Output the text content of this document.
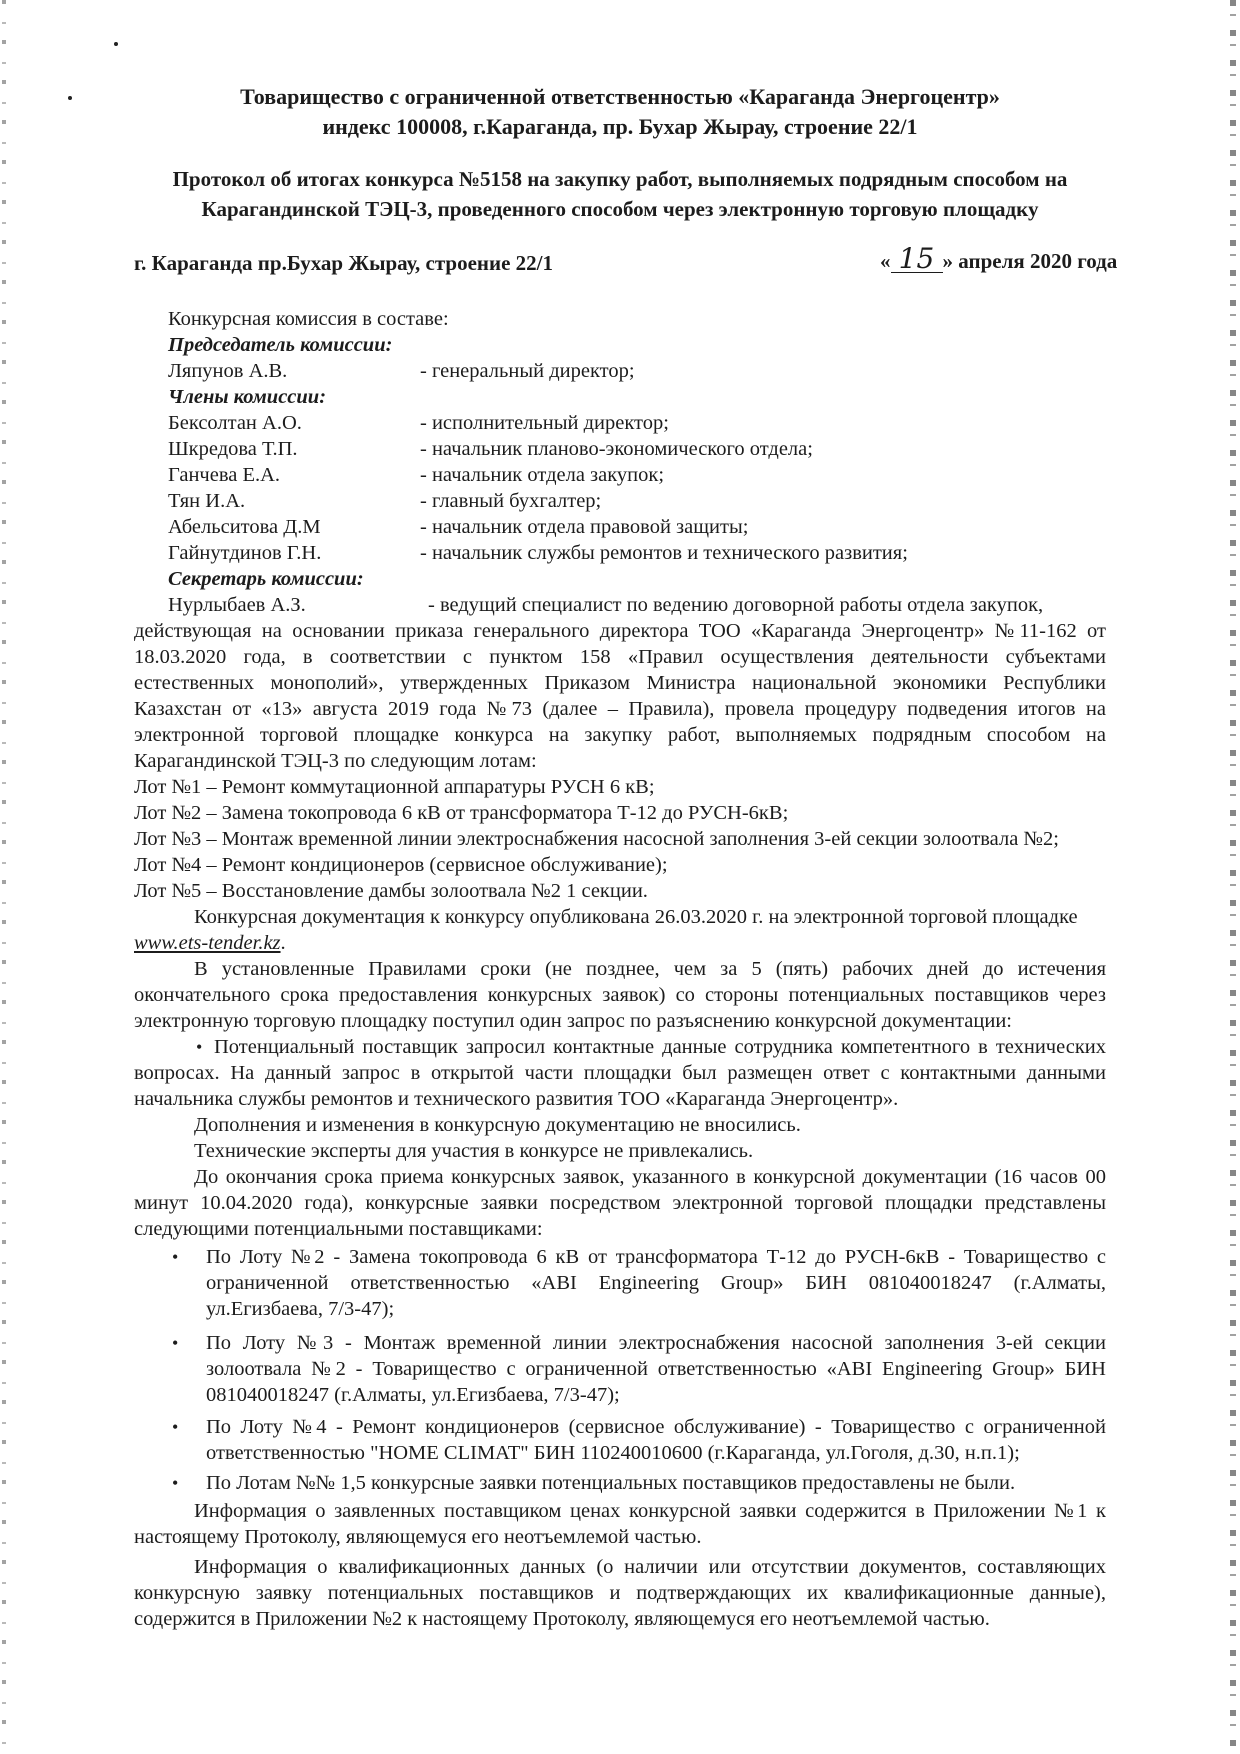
Товарищество с ограниченной ответственностью «Караганда Энергоцентр»
индекс 100008, г.Караганда, пр. Бухар Жырау, строение 22/1
Протокол об итогах конкурса №5158 на закупку работ, выполняемых подрядным способом на
Карагандинской ТЭЦ-3, проведенного способом через электронную торговую площадку
г. Караганда пр.Бухар Жырау, строение 22/1	« 15 » апреля 2020 года
Конкурсная комиссия в составе:
Председатель комиссии:
Ляпунов А.В.	- генеральный директор;
Члены комиссии:
Бексолтан А.О.	- исполнительный директор;
Шкредова Т.П.	- начальник планово-экономического отдела;
Ганчева Е.А.	- начальник отдела закупок;
Тян И.А.	- главный бухгалтер;
Абельситова Д.М	- начальник отдела правовой защиты;
Гайнутдинов Г.Н.	- начальник службы ремонтов и технического развития;
Секретарь комиссии:
Нурлыбаев А.З.	- ведущий специалист по ведению договорной работы отдела закупок,
действующая на основании приказа генерального директора ТОО «Караганда Энергоцентр» №11-162 от 18.03.2020 года, в соответствии с пунктом 158 «Правил осуществления деятельности субъектами естественных монополий», утвержденных Приказом Министра национальной экономики Республики Казахстан от «13» августа 2019 года №73 (далее – Правила), провела процедуру подведения итогов на электронной торговой площадке конкурса на закупку работ, выполняемых подрядным способом на Карагандинской ТЭЦ-3 по следующим лотам:
Лот №1 – Ремонт коммутационной аппаратуры РУСН 6 кВ;
Лот №2 – Замена токопровода 6 кВ от трансформатора Т-12 до РУСН-6кВ;
Лот №3 – Монтаж временной линии электроснабжения насосной заполнения 3-ей секции золоотвала №2;
Лот №4 – Ремонт кондиционеров (сервисное обслуживание);
Лот №5 – Восстановление дамбы золоотвала №2 1 секции.
Конкурсная документация к конкурсу опубликована 26.03.2020 г. на электронной торговой площадке
www.ets-tender.kz.
В установленные Правилами сроки (не позднее, чем за 5 (пять) рабочих дней до истечения окончательного срока предоставления конкурсных заявок) со стороны потенциальных поставщиков через электронную торговую площадку поступил один запрос по разъяснению конкурсной документации:
• Потенциальный поставщик запросил контактные данные сотрудника компетентного в технических вопросах. На данный запрос в открытой части площадки был размещен ответ с контактными данными начальника службы ремонтов и технического развития ТОО «Караганда Энергоцентр».
Дополнения и изменения в конкурсную документацию не вносились.
Технические эксперты для участия в конкурсе не привлекались.
До окончания срока приема конкурсных заявок, указанного в конкурсной документации (16 часов 00 минут 10.04.2020 года), конкурсные заявки посредством электронной торговой площадки представлены следующими потенциальными поставщиками:
• По Лоту №2 - Замена токопровода 6 кВ от трансформатора Т-12 до РУСН-6кВ - Товарищество с ограниченной ответственностью «ABI Engineering Group» БИН 081040018247 (г.Алматы, ул.Егизбаева, 7/3-47);
• По Лоту №3 - Монтаж временной линии электроснабжения насосной заполнения 3-ей секции золоотвала №2 - Товарищество с ограниченной ответственностью «ABI Engineering Group» БИН 081040018247 (г.Алматы, ул.Егизбаева, 7/3-47);
• По Лоту №4 - Ремонт кондиционеров (сервисное обслуживание) - Товарищество с ограниченной ответственностью "HOME CLIMAT" БИН 110240010600 (г.Караганда, ул.Гоголя, д.30, н.п.1);
• По Лотам №№ 1,5 конкурсные заявки потенциальных поставщиков предоставлены не были.
Информация о заявленных поставщиком ценах конкурсной заявки содержится в Приложении №1 к настоящему Протоколу, являющемуся его неотъемлемой частью.
Информация о квалификационных данных (о наличии или отсутствии документов, составляющих конкурсную заявку потенциальных поставщиков и подтверждающих их квалификационные данные), содержится в Приложении №2 к настоящему Протоколу, являющемуся его неотъемлемой частью.
